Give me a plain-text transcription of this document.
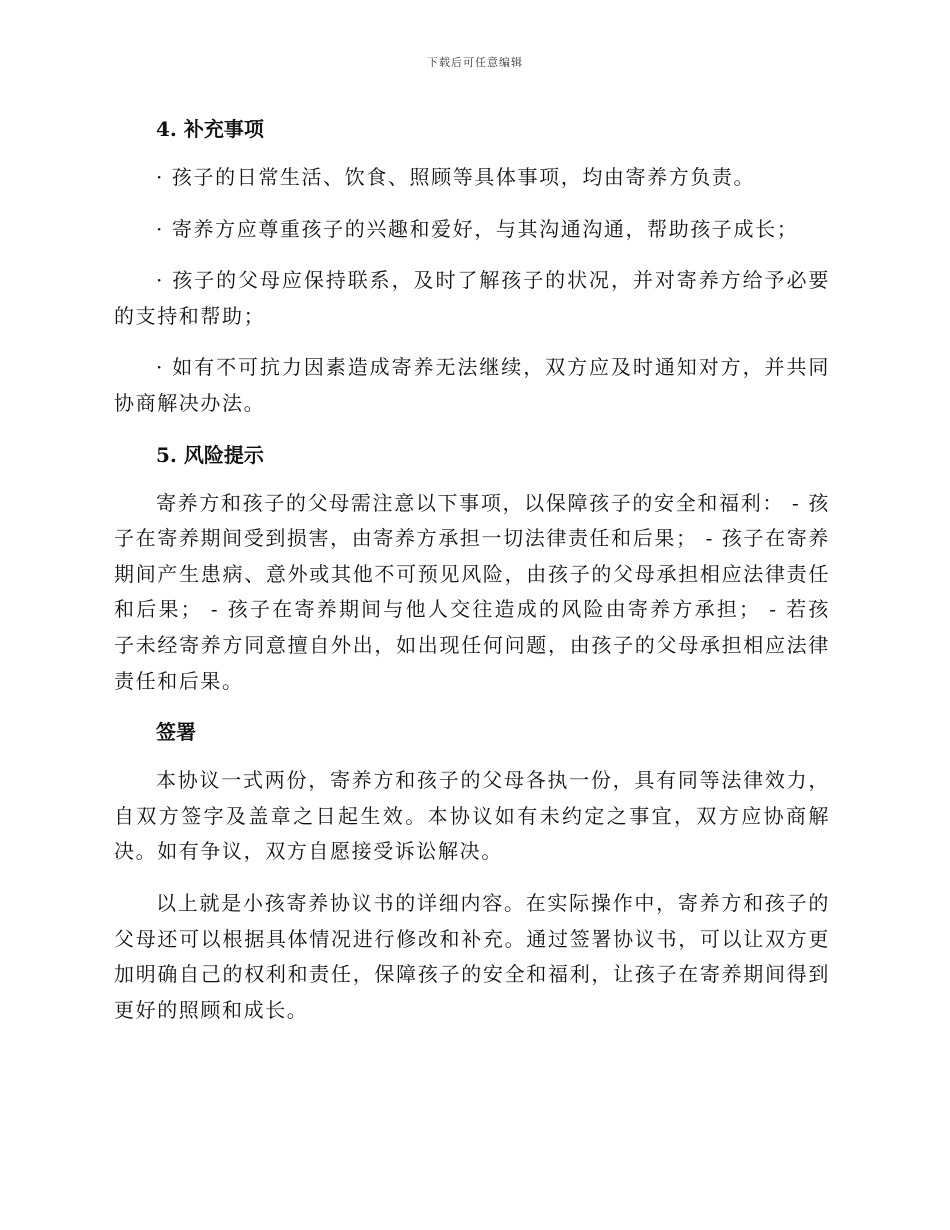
下载后可任意编辑

4. 补充事项

· 孩子的日常生活、饮食、照顾等具体事项，均由寄养方负责。

· 寄养方应尊重孩子的兴趣和爱好，与其沟通沟通，帮助孩子成长；

· 孩子的父母应保持联系，及时了解孩子的状况，并对寄养方给予必要的支持和帮助；

· 如有不可抗力因素造成寄养无法继续，双方应及时通知对方，并共同协商解决办法。

5. 风险提示

寄养方和孩子的父母需注意以下事项，以保障孩子的安全和福利： - 孩子在寄养期间受到损害，由寄养方承担一切法律责任和后果； - 孩子在寄养期间产生患病、意外或其他不可预见风险，由孩子的父母承担相应法律责任和后果； - 孩子在寄养期间与他人交往造成的风险由寄养方承担； - 若孩子未经寄养方同意擅自外出，如出现任何问题，由孩子的父母承担相应法律责任和后果。

签署

本协议一式两份，寄养方和孩子的父母各执一份，具有同等法律效力，自双方签字及盖章之日起生效。本协议如有未约定之事宜，双方应协商解决。如有争议，双方自愿接受诉讼解决。

以上就是小孩寄养协议书的详细内容。在实际操作中，寄养方和孩子的父母还可以根据具体情况进行修改和补充。通过签署协议书，可以让双方更加明确自己的权利和责任，保障孩子的安全和福利，让孩子在寄养期间得到更好的照顾和成长。
